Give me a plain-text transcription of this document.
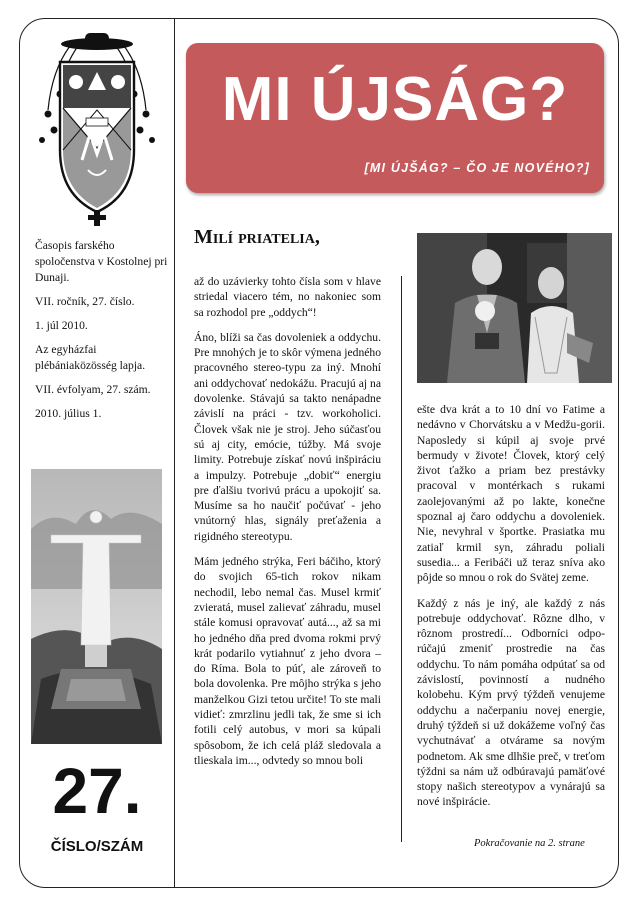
Časopis farského spoločenstva v Kostolnej pri Dunaji.

VII. ročník, 27. číslo.

1. júl 2010.

Az egyházfai plébániaközösség lapja.

VII. évfolyam, 27. szám.

2010. július 1.

27.
ČÍSLO/SZÁM
MI ÚJSÁG?
[MI ÚJŠÁG? – ČO JE NOVÉHO?]
Milí priatelia,

až do uzávierky tohto čísla som v hlave striedal viacero tém, no nakoniec som sa rozhodol pre „oddych“!

Áno, blíži sa čas dovoleniek a oddychu. Pre mnohých je to skôr výmena jedného pracovného stereo-typu za iný. Mnohí ani oddychovať nedokážu. Pracujú aj na dovolenke. Stávajú sa takto nenápadne závislí na práci - tzv. workoholici. Človek však nie je stroj. Jeho súčasťou sú aj city, emócie, túžby. Má svoje limity. Potrebuje získať novú inšpiráciu a impulzy. Potrebuje „dobiť“ energiu pre ďalšiu tvorivú prácu a upokojiť sa. Musíme sa ho naučiť počúvať - jeho vnútorný hlas, signály preťaženia a rigidného stereotypu.

Mám jedného strýka, Feri báčiho, ktorý do svojich 65-tich rokov nikam nechodil, lebo nemal čas. Musel krmiť zvieratá, musel zalievať záhradu, musel stále komusi opravovať autá..., až sa mi ho jedného dňa pred dvoma rokmi prvý krát podarilo vytiahnuť z jeho dvora – do Ríma. Bola to púť, ale zároveň to bola dovolenka. Pre môjho strýka s jeho manželkou Gizi tetou určite! To ste mali vidieť: zmrzlinu jedli tak, že sme si ich fotili celý autobus, v mori sa kúpali spôsobom, že ich celá pláž sledovala a tlieskala im..., odvtedy so mnou boli

ešte dva krát a to 10 dní vo Fatime a nedávno v Chorvátsku a v Medžu-gorii. Naposledy si kúpil aj svoje prvé bermudy v živote! Človek, ktorý celý život ťažko a priam bez prestávky pracoval v montérkach s rukami zaolejovanými až po lakte, konečne spoznal aj čaro oddychu a dovoleniek. Nie, nevyhral v športke. Prasiatka mu zatiaľ krmil syn, záhradu poliali susedia... a Feribáči už teraz sníva ako pôjde so mnou o rok do Svätej zeme.

Každý z nás je iný, ale každý z nás potrebuje oddychovať. Rôzne dlho, v rôznom prostredí... Odborníci odpo-rúčajú zmeniť prostredie na čas oddychu. To nám pomáha odpútať sa od závislostí, povinností a nudného kolobehu. Kým prvý týždeň venujeme oddychu a načerpaniu novej energie, druhý týždeň si už dokážeme voľný čas vychutnávať a otvárame sa novým podnetom. Ak sme dlhšie preč, v treťom týždni sa nám už odbúravajú pamäťové stopy našich stereotypov a vynárajú sa nové inšpirácie.

Pokračovanie na 2. strane
